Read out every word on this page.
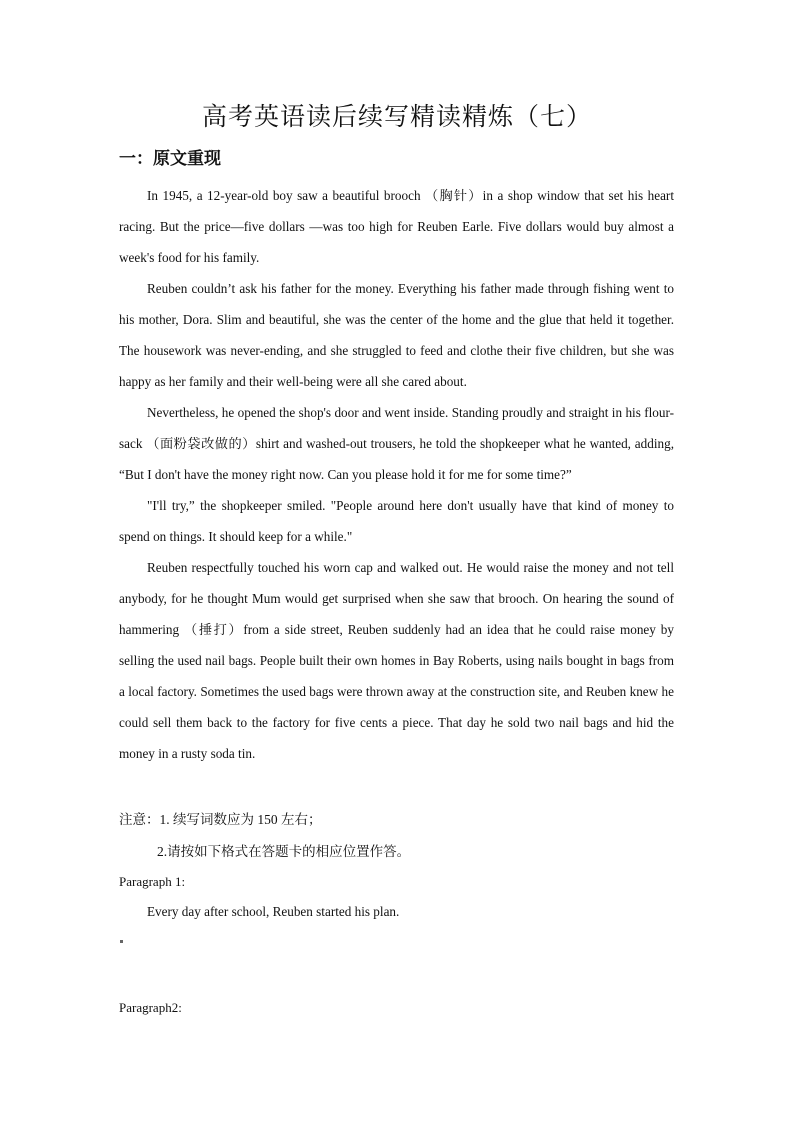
高考英语读后续写精读精炼（七）
一：原文重现

In 1945, a 12-year-old boy saw a beautiful brooch （胸针）in a shop window that set his heart racing. But the price—five dollars —was too high for Reuben Earle. Five dollars would buy almost a week's food for his family.

Reuben couldn’t ask his father for the money. Everything his father made through fishing went to his mother, Dora. Slim and beautiful, she was the center of the home and the glue that held it together. The housework was never-ending, and she struggled to feed and clothe their five children, but she was happy as her family and their well-being were all she cared about.

Nevertheless, he opened the shop's door and went inside. Standing proudly and straight in his flour-sack （面粉袋改做的）shirt and washed-out trousers, he told the shopkeeper what he wanted, adding, “But I don't have the money right now. Can you please hold it for me for some time?”

"I'll try,” the shopkeeper smiled. "People around here don't usually have that kind of money to spend on things. It should keep for a while."

Reuben respectfully touched his worn cap and walked out. He would raise the money and not tell anybody, for he thought Mum would get surprised when she saw that brooch. On hearing the sound of hammering （捶打）from a side street, Reuben suddenly had an idea that he could raise money by selling the used nail bags. People built their own homes in Bay Roberts, using nails bought in bags from a local factory. Sometimes the used bags were thrown away at the construction site, and Reuben knew he could sell them back to the factory for five cents a piece. That day he sold two nail bags and hid the money in a rusty soda tin.

注意：1. 续写词数应为 150 左右；
2.请按如下格式在答题卡的相应位置作答。
Paragraph 1:
Every day after school, Reuben started his plan.
Paragraph2:
